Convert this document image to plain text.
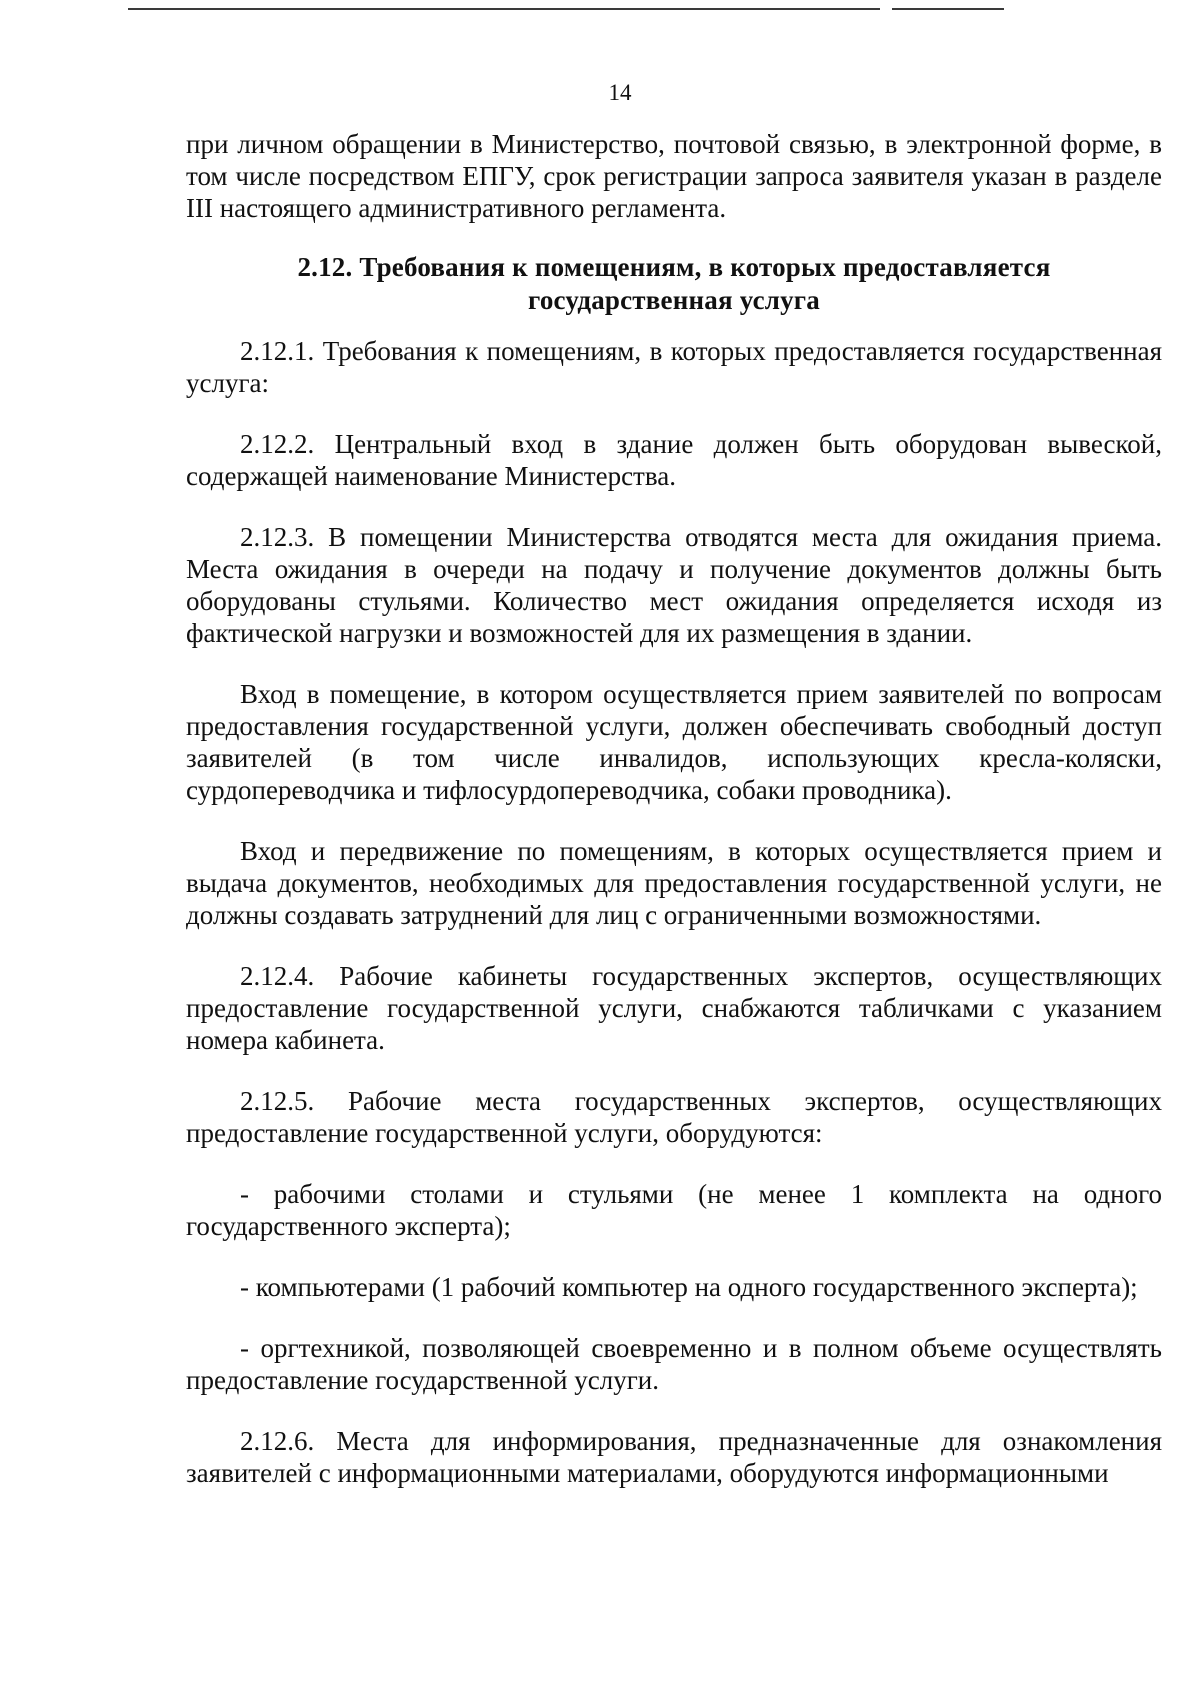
14

при личном обращении в Министерство, почтовой связью, в электронной форме, в том числе посредством ЕПГУ, срок регистрации запроса заявителя указан в разделе III настоящего административного регламента.

2.12. Требования к помещениям, в которых предоставляется
государственная услуга

2.12.1. Требования к помещениям, в которых предоставляется государственная услуга:

2.12.2. Центральный вход в здание должен быть оборудован вывеской, содержащей наименование Министерства.

2.12.3. В помещении Министерства отводятся места для ожидания приема. Места ожидания в очереди на подачу и получение документов должны быть оборудованы стульями. Количество мест ожидания определяется исходя из фактической нагрузки и возможностей для их размещения в здании.

Вход в помещение, в котором осуществляется прием заявителей по вопросам предоставления государственной услуги, должен обеспечивать свободный доступ заявителей (в том числе инвалидов, использующих кресла-коляски, сурдопереводчика и тифлосурдопереводчика, собаки проводника).

Вход и передвижение по помещениям, в которых осуществляется прием и выдача документов, необходимых для предоставления государственной услуги, не должны создавать затруднений для лиц с ограниченными возможностями.

2.12.4. Рабочие кабинеты государственных экспертов, осуществляющих предоставление государственной услуги, снабжаются табличками с указанием номера кабинета.

2.12.5. Рабочие места государственных экспертов, осуществляющих предоставление государственной услуги, оборудуются:

- рабочими столами и стульями (не менее 1 комплекта на одного государственного эксперта);

- компьютерами (1 рабочий компьютер на одного государственного эксперта);

- оргтехникой, позволяющей своевременно и в полном объеме осуществлять предоставление государственной услуги.

2.12.6. Места для информирования, предназначенные для ознакомления заявителей с информационными материалами, оборудуются информационными
